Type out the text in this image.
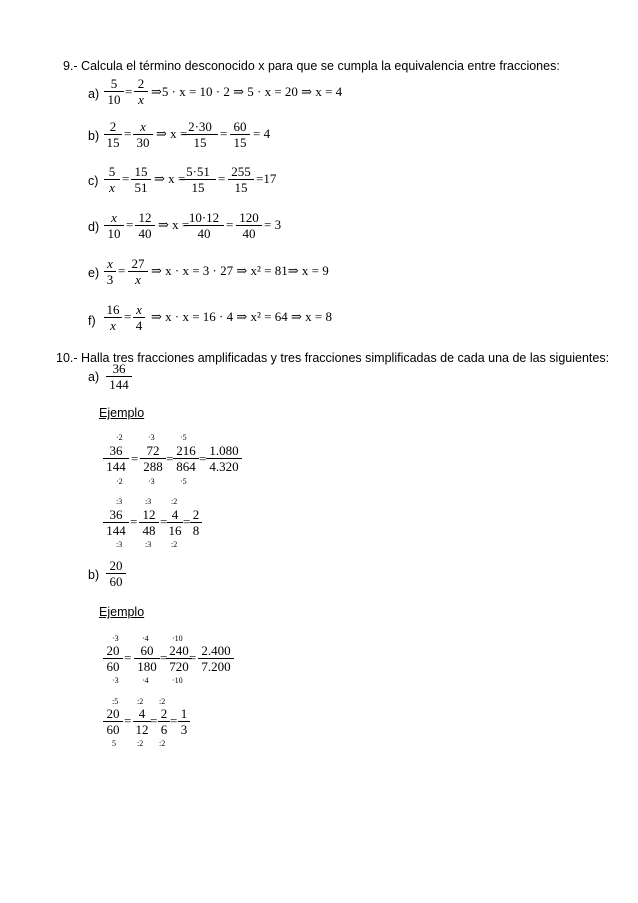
9.- Calcula el término desconocido x para que se cumpla la equivalencia entre fracciones:
$a) \frac{5}{10} = \frac{2}{x}$ ⇒5 · x = 10 · 2 ⇒ 5 · x = 20 ⇒ x = 4
$b) \frac{2}{15} = \frac{x}{30}$ ⇒ x =
$\frac{2\cdot 30}{15} = \frac{60}{15} = 4$
$c) \frac{5}{x} = \frac{15}{51}$ ⇒ x =
$\frac{5\cdot 51}{15} = \frac{255}{15} =17$
$d) \frac{x}{10} = \frac{12}{40}$ ⇒ x =
$\frac{10\cdot 12}{40} = \frac{120}{40} = 3$
$e) \frac{x}{3} = \frac{27}{x}$ ⇒ x · x = 3 · 27 ⇒ x² = 81⇒ x = 9
$f) \frac{16}{x} = \frac{x}{4}$ ⇒ x · x = 16 · 4 ⇒ x² = 64 ⇒ x = 8
10.- Halla tres fracciones amplificadas y tres fracciones simplificadas de cada una de las siguientes:
$a) \frac{36}{144}$
Ejemplo
·2	·3	·5
$\frac{36}{144} = \frac{72}{288} = \frac{216}{864} = \frac{1.080}{4.320}$
·2	·3	·5
:3	:3 :2
$\frac{36}{144} = \frac{12}{48} = \frac{4}{16} = \frac{2}{8}$
:3	:3 :2
$b) \frac{20}{60}$
Ejemplo
·3	·4	·10
$\frac{20}{60} = \frac{60}{180}$ =
$\frac{240}{720}$
= $\frac{2.400}{7.200}$
·3	·4	·10
:5 :2 :2
$\frac{20}{60} = \frac{4}{12} = \frac{2}{6} = \frac{1}{3}$
5	:2 :2
